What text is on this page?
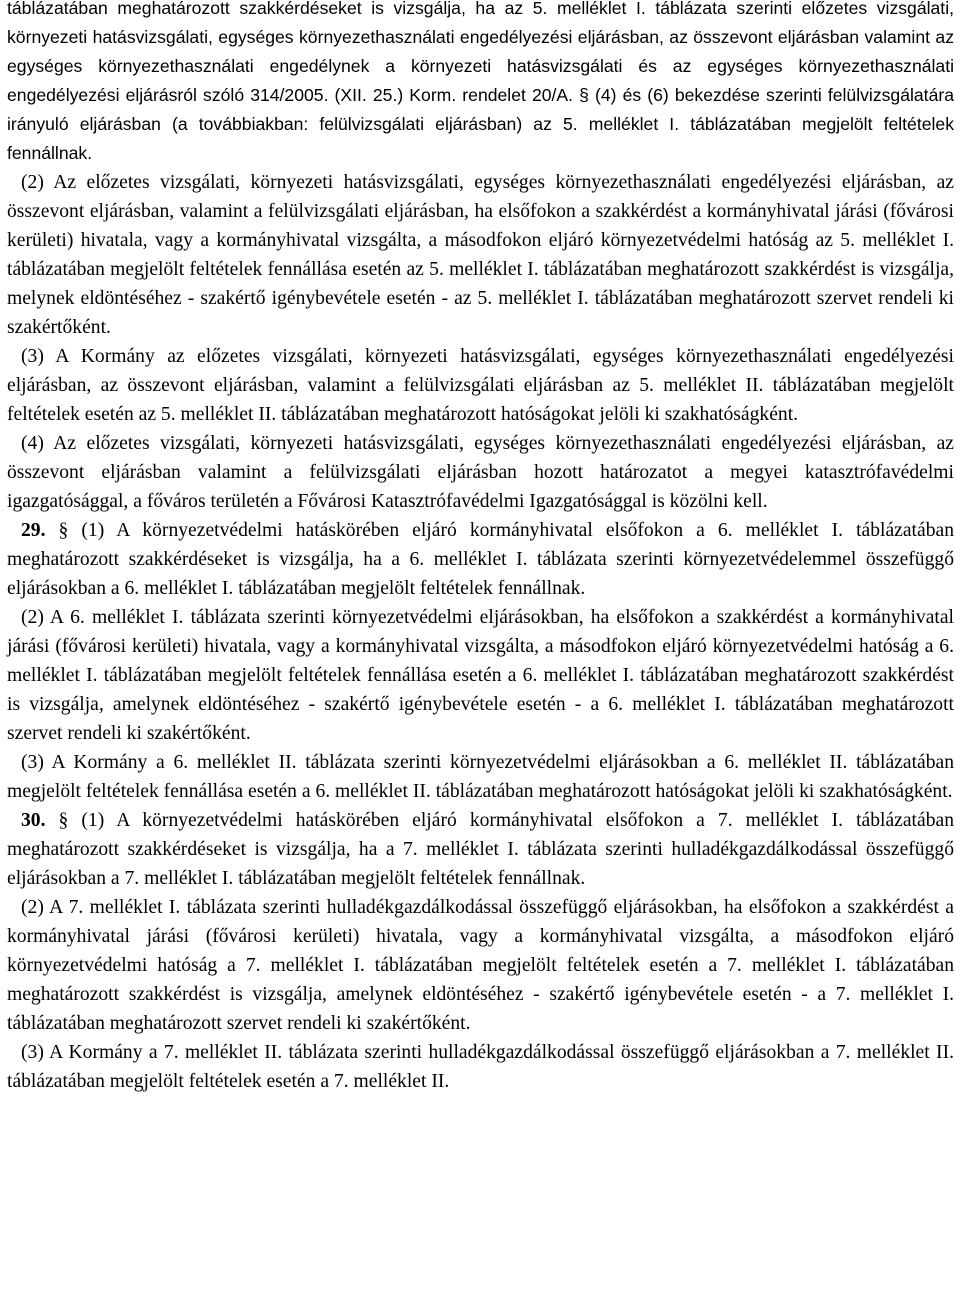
táblázatában meghatározott szakkérdéseket is vizsgálja, ha az 5. melléklet I. táblázata szerinti előzetes vizsgálati, környezeti hatásvizsgálati, egységes környezethasználati engedélyezési eljárásban, az összevont eljárásban valamint az egységes környezethasználati engedélynek a környezeti hatásvizsgálati és az egységes környezethasználati engedélyezési eljárásról szóló 314/2005. (XII. 25.) Korm. rendelet 20/A. § (4) és (6) bekezdése szerinti felülvizsgálatára irányuló eljárásban (a továbbiakban: felülvizsgálati eljárásban) az 5. melléklet I. táblázatában megjelölt feltételek fennállnak.

(2) Az előzetes vizsgálati, környezeti hatásvizsgálati, egységes környezethasználati engedélyezési eljárásban, az összevont eljárásban, valamint a felülvizsgálati eljárásban, ha elsőfokon a szakkérdést a kormányhivatal járási (fővárosi kerületi) hivatala, vagy a kormányhivatal vizsgálta, a másodfokon eljáró környezetvédelmi hatóság az 5. melléklet I. táblázatában megjelölt feltételek fennállása esetén az 5. melléklet I. táblázatában meghatározott szakkérdést is vizsgálja, melynek eldöntéséhez - szakértő igénybevétele esetén - az 5. melléklet I. táblázatában meghatározott szervet rendeli ki szakértőként.

(3) A Kormány az előzetes vizsgálati, környezeti hatásvizsgálati, egységes környezethasználati engedélyezési eljárásban, az összevont eljárásban, valamint a felülvizsgálati eljárásban az 5. melléklet II. táblázatában megjelölt feltételek esetén az 5. melléklet II. táblázatában meghatározott hatóságokat jelöli ki szakhatóságként.

(4) Az előzetes vizsgálati, környezeti hatásvizsgálati, egységes környezethasználati engedélyezési eljárásban, az összevont eljárásban valamint a felülvizsgálati eljárásban hozott határozatot a megyei katasztrófavédelmi igazgatósággal, a főváros területén a Fővárosi Katasztrófavédelmi Igazgatósággal is közölni kell.

29. § (1) A környezetvédelmi hatáskörében eljáró kormányhivatal elsőfokon a 6. melléklet I. táblázatában meghatározott szakkérdéseket is vizsgálja, ha a 6. melléklet I. táblázata szerinti környezetvédelemmel összefüggő eljárásokban a 6. melléklet I. táblázatában megjelölt feltételek fennállnak.

(2) A 6. melléklet I. táblázata szerinti környezetvédelmi eljárásokban, ha elsőfokon a szakkérdést a kormányhivatal járási (fővárosi kerületi) hivatala, vagy a kormányhivatal vizsgálta, a másodfokon eljáró környezetvédelmi hatóság a 6. melléklet I. táblázatában megjelölt feltételek fennállása esetén a 6. melléklet I. táblázatában meghatározott szakkérdést is vizsgálja, amelynek eldöntéséhez - szakértő igénybevétele esetén - a 6. melléklet I. táblázatában meghatározott szervet rendeli ki szakértőként.

(3) A Kormány a 6. melléklet II. táblázata szerinti környezetvédelmi eljárásokban a 6. melléklet II. táblázatában megjelölt feltételek fennállása esetén a 6. melléklet II. táblázatában meghatározott hatóságokat jelöli ki szakhatóságként.

30. § (1) A környezetvédelmi hatáskörében eljáró kormányhivatal elsőfokon a 7. melléklet I. táblázatában meghatározott szakkérdéseket is vizsgálja, ha a 7. melléklet I. táblázata szerinti hulladékgazdálkodással összefüggő eljárásokban a 7. melléklet I. táblázatában megjelölt feltételek fennállnak.

(2) A 7. melléklet I. táblázata szerinti hulladékgazdálkodással összefüggő eljárásokban, ha elsőfokon a szakkérdést a kormányhivatal járási (fővárosi kerületi) hivatala, vagy a kormányhivatal vizsgálta, a másodfokon eljáró környezetvédelmi hatóság a 7. melléklet I. táblázatában megjelölt feltételek esetén a 7. melléklet I. táblázatában meghatározott szakkérdést is vizsgálja, amelynek eldöntéséhez - szakértő igénybevétele esetén - a 7. melléklet I. táblázatában meghatározott szervet rendeli ki szakértőként.

(3) A Kormány a 7. melléklet II. táblázata szerinti hulladékgazdálkodással összefüggő eljárásokban a 7. melléklet II. táblázatában megjelölt feltételek esetén a 7. melléklet II.
